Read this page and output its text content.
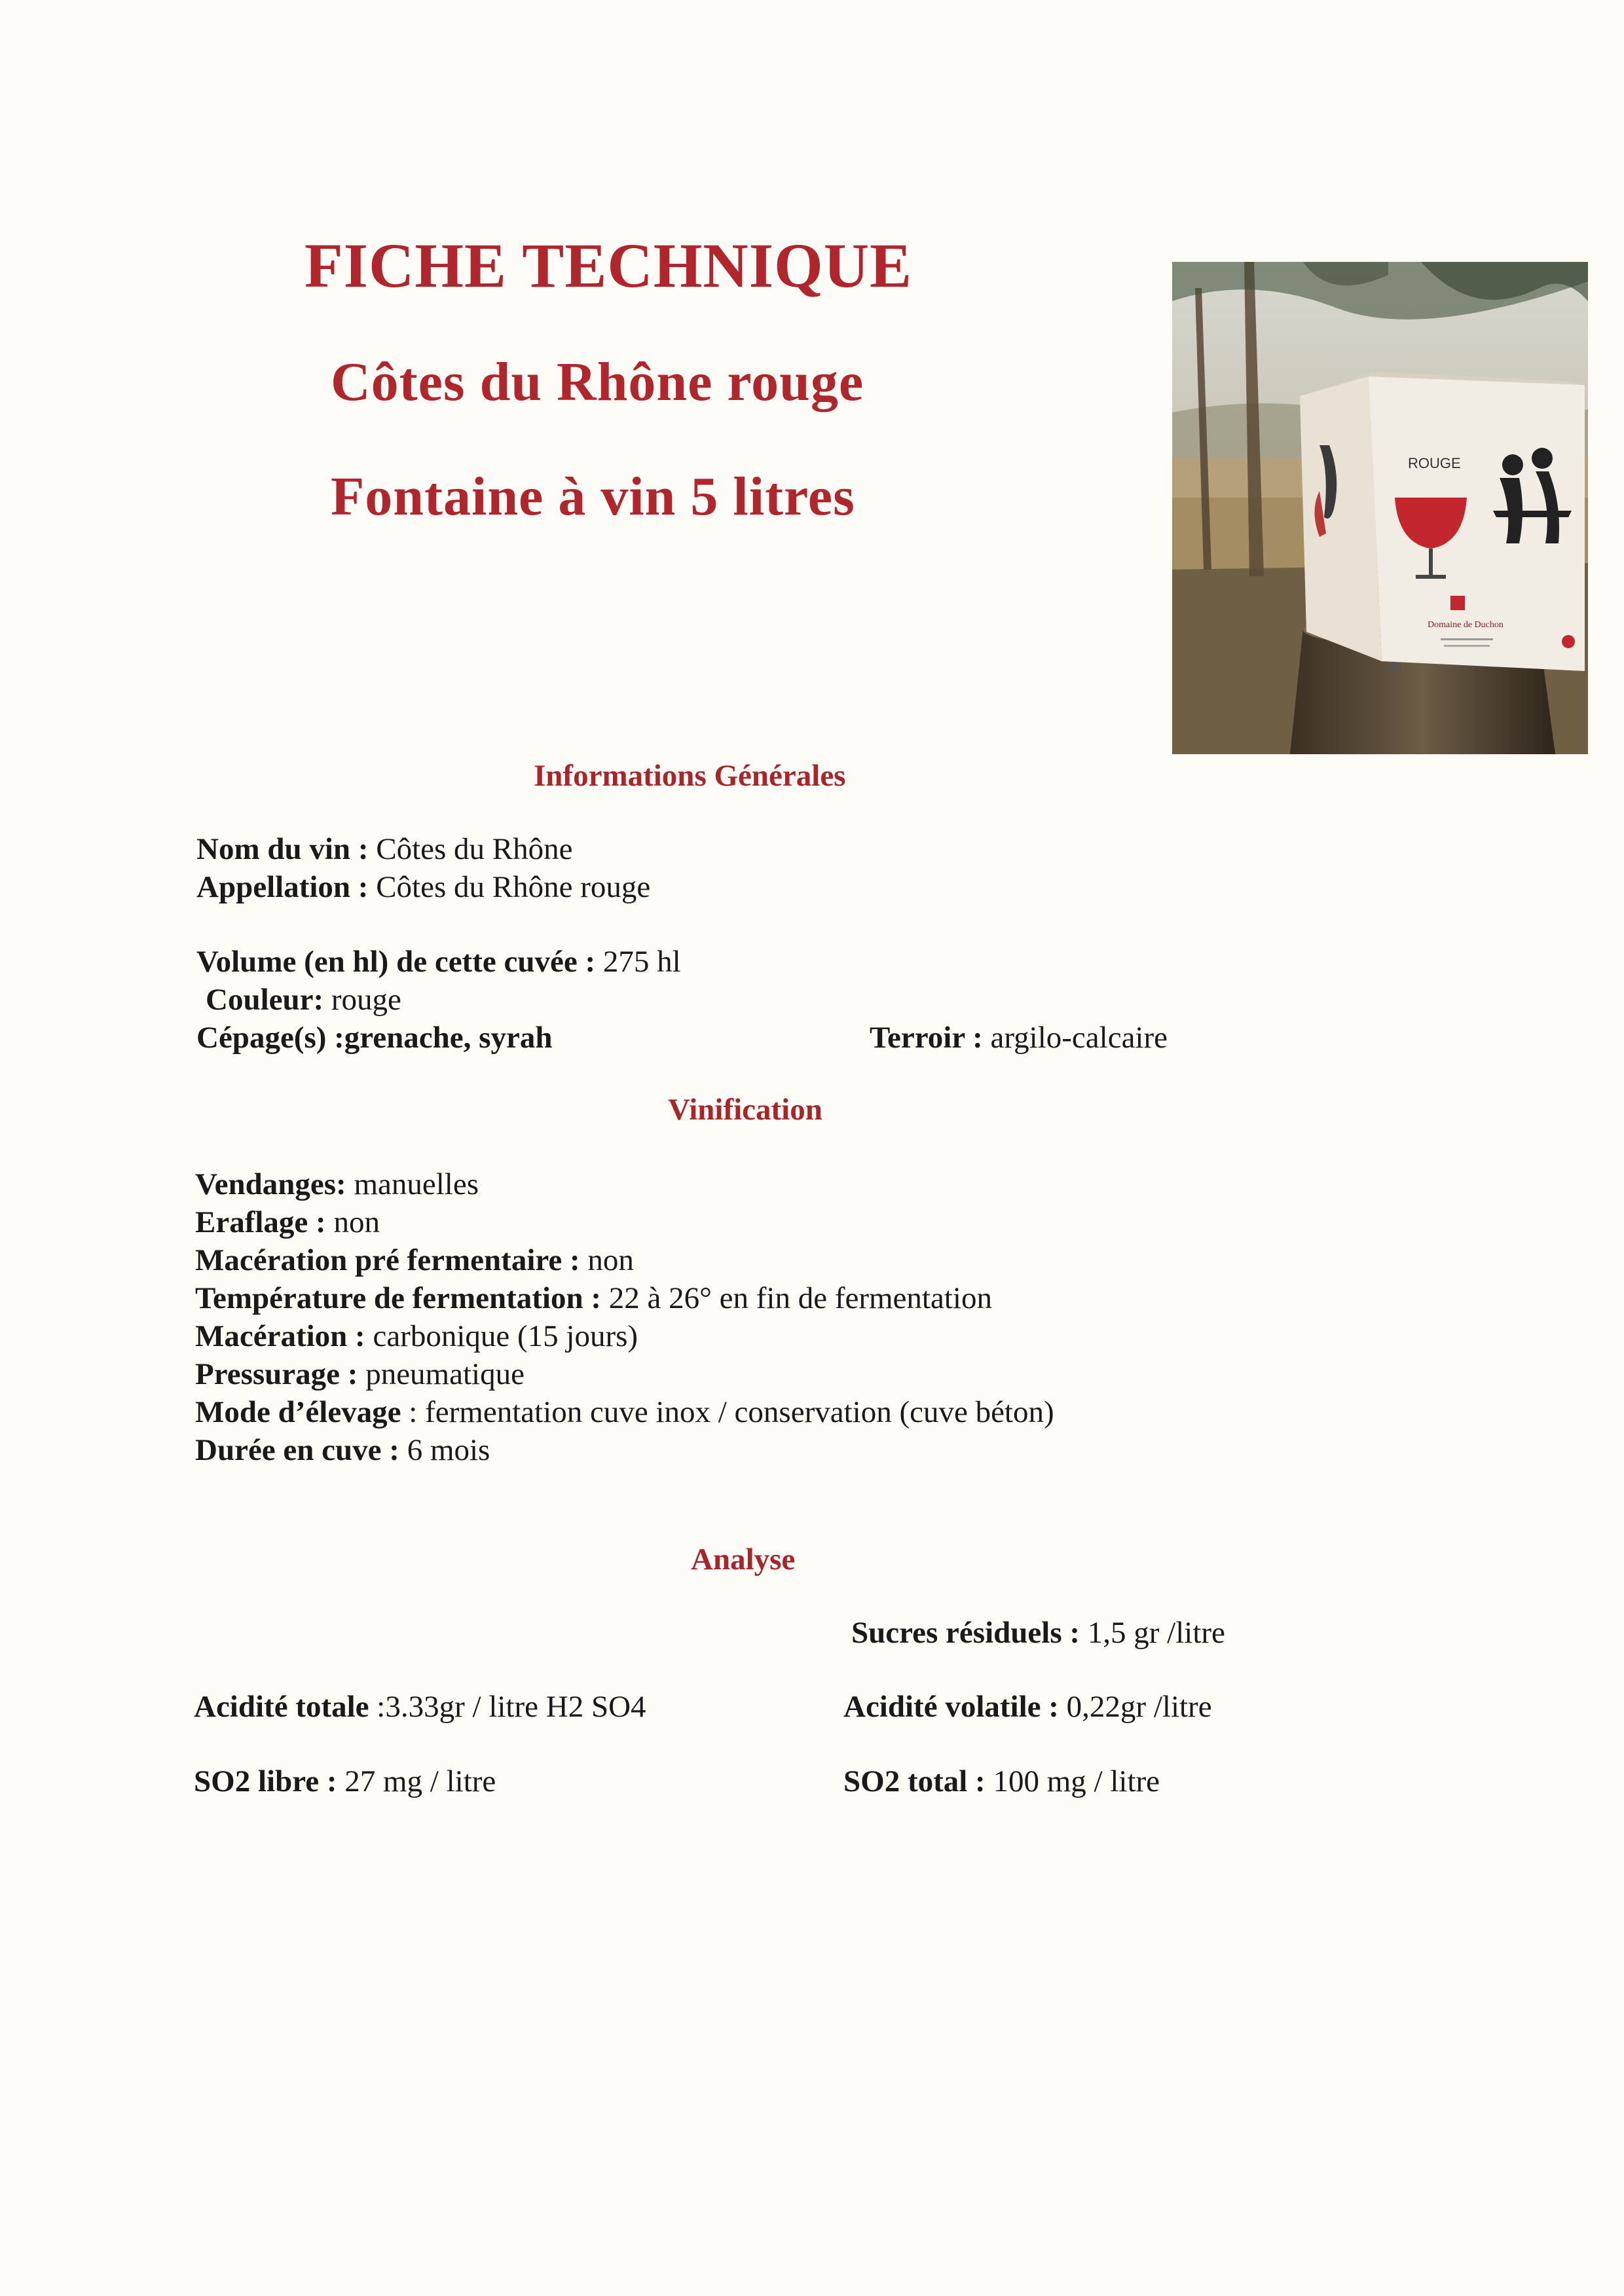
FICHE TECHNIQUE
Côtes du Rhône rouge
Fontaine à vin 5 litres
ROUGE
Domaine de Duchon
Informations Générales
Nom du vin : Côtes du Rhône
Appellation : Côtes du Rhône rouge
Volume (en hl) de cette cuvée : 275 hl
Couleur: rouge
Cépage(s) :grenache, syrah	Terroir : argilo-calcaire
Vinification
Vendanges: manuelles
Eraflage : non
Macération pré fermentaire : non
Température de fermentation : 22 à 26° en fin de fermentation
Macération : carbonique (15 jours)
Pressurage : pneumatique
Mode d’élevage : fermentation cuve inox / conservation (cuve béton)
Durée en cuve : 6 mois
Analyse
Sucres résiduels : 1,5 gr /litre
Acidité totale :3.33gr / litre H2 SO4	Acidité volatile : 0,22gr /litre
SO2 libre : 27 mg / litre	SO2 total : 100 mg / litre
